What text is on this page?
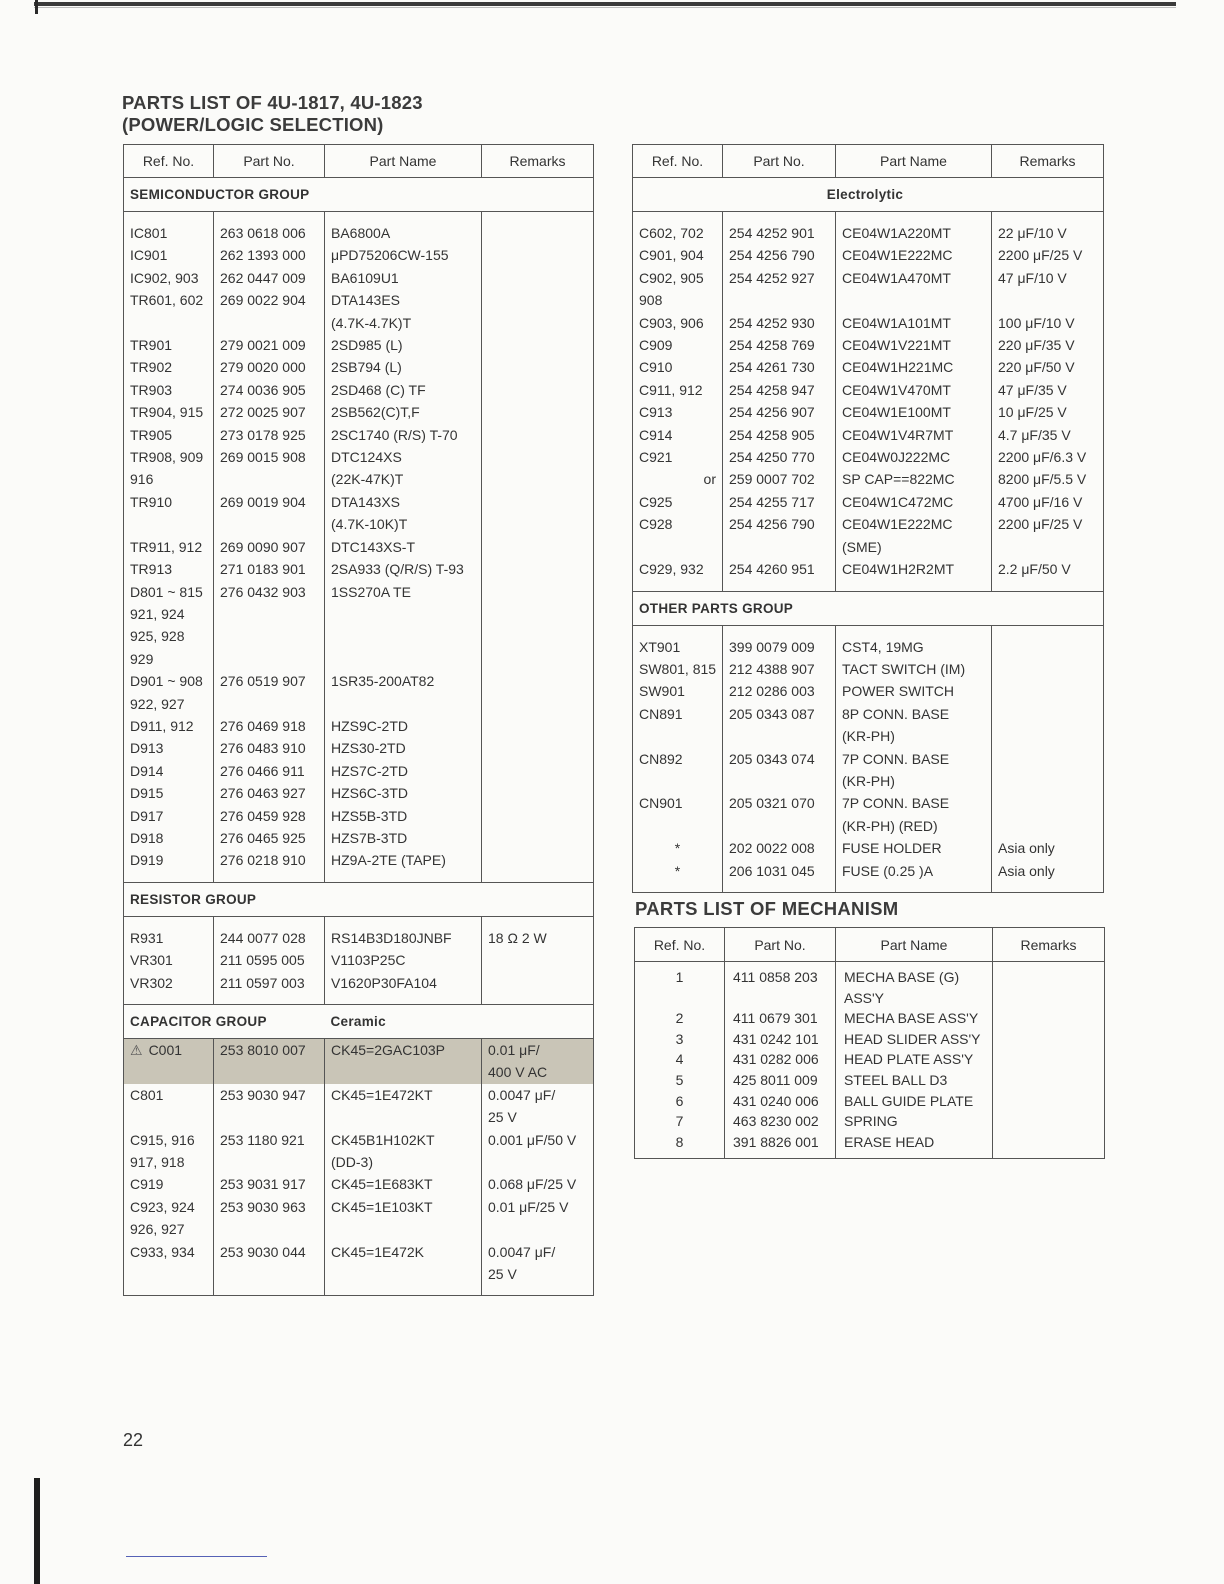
PARTS LIST OF 4U-1817, 4U-1823
(POWER/LOGIC SELECTION)
Ref. No.	Part No.	Part Name	Remarks
SEMICONDUCTOR GROUP			

IC801	263 0618 006	BA6800A	
IC901	262 1393 000	μPD75206CW-155	
IC902, 903	262 0447 009	BA6109U1	
TR601, 602	269 0022 904	DTA143ES	
		(4.7K-4.7K)T	
TR901	279 0021 009	2SD985 (L)	
TR902	279 0020 000	2SB794 (L)	
TR903	274 0036 905	2SD468 (C) TF	
TR904, 915	272 0025 907	2SB562(C)T,F	
TR905	273 0178 925	2SC1740 (R/S) T-70	
TR908, 909	269 0015 908	DTC124XS	
916		(22K-47K)T	
TR910	269 0019 904	DTA143XS	
		(4.7K-10K)T	
TR911, 912	269 0090 907	DTC143XS-T	
TR913	271 0183 901	2SA933 (Q/R/S) T-93	
D801 ~ 815	276 0432 903	1SS270A TE	
921, 924			
925, 928			
929			
D901 ~ 908	276 0519 907	1SR35-200AT82	
922, 927			
D911, 912	276 0469 918	HZS9C-2TD	
D913	276 0483 910	HZS30-2TD	
D914	276 0466 911	HZS7C-2TD	
D915	276 0463 927	HZS6C-3TD	
D917	276 0459 928	HZS5B-3TD	
D918	276 0465 925	HZS7B-3TD	
D919	276 0218 910	HZ9A-2TE (TAPE)	

RESISTOR GROUP			

R931	244 0077 028	RS14B3D180JNBF	18 Ω 2 W
VR301	211 0595 005	V1103P25C	
VR302	211 0597 003	V1620P30FA104	

CAPACITOR GROUP		Ceramic	
⚠ C001	253 8010 007	CK45=2GAC103P	0.01 μF/
			400 V AC
C801	253 9030 947	CK45=1E472KT	0.0047 μF/
			25 V
C915, 916	253 1180 921	CK45B1H102KT	0.001 μF/50 V
917, 918		(DD-3)	
C919	253 9031 917	CK45=1E683KT	0.068 μF/25 V
C923, 924	253 9030 963	CK45=1E103KT	0.01 μF/25 V
926, 927			
C933, 934	253 9030 044	CK45=1E472K	0.0047 μF/
			25 V

Ref. No.	Part No.	Part Name	Remarks
Electrolytic			

C602, 702	254 4252 901	CE04W1A220MT	22 μF/10 V
C901, 904	254 4256 790	CE04W1E222MC	2200 μF/25 V
C902, 905	254 4252 927	CE04W1A470MT	47 μF/10 V
908			
C903, 906	254 4252 930	CE04W1A101MT	100 μF/10 V
C909	254 4258 769	CE04W1V221MT	220 μF/35 V
C910	254 4261 730	CE04W1H221MC	220 μF/50 V
C911, 912	254 4258 947	CE04W1V470MT	47 μF/35 V
C913	254 4256 907	CE04W1E100MT	10 μF/25 V
C914	254 4258 905	CE04W1V4R7MT	4.7 μF/35 V
C921	254 4250 770	CE04W0J222MC	2200 μF/6.3 V
or	259 0007 702	SP CAP==822MC	8200 μF/5.5 V
C925	254 4255 717	CE04W1C472MC	4700 μF/16 V
C928	254 4256 790	CE04W1E222MC	2200 μF/25 V
		(SME)	
C929, 932	254 4260 951	CE04W1H2R2MT	2.2 μF/50 V

OTHER PARTS GROUP			

XT901	399 0079 009	CST4, 19MG	
SW801, 815	212 4388 907	TACT SWITCH (IM)	
SW901	212 0286 003	POWER SWITCH	
CN891	205 0343 087	8P CONN. BASE	
		(KR-PH)	
CN892	205 0343 074	7P CONN. BASE	
		(KR-PH)	
CN901	205 0321 070	7P CONN. BASE	
		(KR-PH) (RED)	
*	202 0022 008	FUSE HOLDER	Asia only
*	206 1031 045	FUSE (0.25 )A	Asia only

PARTS LIST OF MECHANISM
Ref. No.	Part No.	Part Name	Remarks

1	411 0858 203	MECHA BASE (G)	
		ASS'Y	
2	411 0679 301	MECHA BASE ASS'Y	
3	431 0242 101	HEAD SLIDER ASS'Y	
4	431 0282 006	HEAD PLATE ASS'Y	
5	425 8011 009	STEEL BALL D3	
6	431 0240 006	BALL GUIDE PLATE	
7	463 8230 002	SPRING	
8	391 8826 001	ERASE HEAD	

22
